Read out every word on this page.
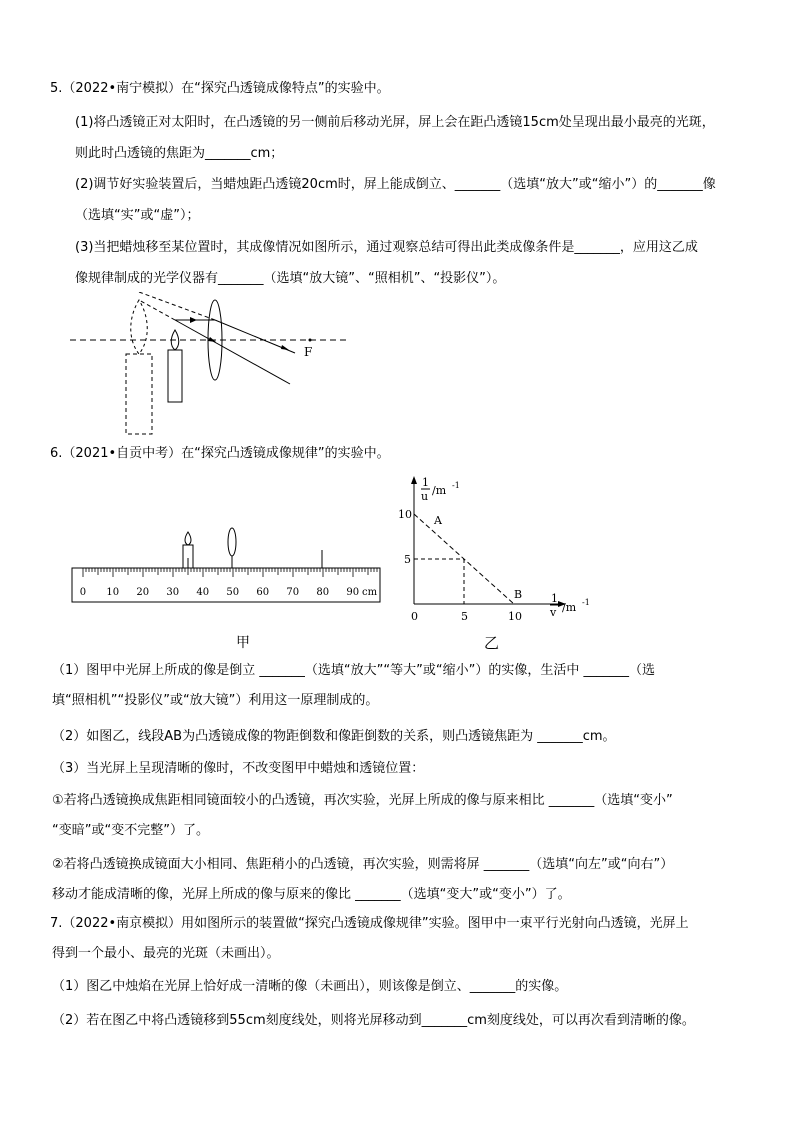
5.（2022•南宁模拟）在“探究凸透镜成像特点”的实验中。
(1)将凸透镜正对太阳时，在凸透镜的另一侧前后移动光屏，屏上会在距凸透镜15cm处呈现出最小最亮的光斑，
则此时凸透镜的焦距为_______cm；
(2)调节好实验装置后，当蜡烛距凸透镜20cm时，屏上能成倒立、_______（选填“放大”或“缩小”）的_______像
（选填“实”或“虚”）；
(3)当把蜡烛移至某位置时，其成像情况如图所示，通过观察总结可得出此类成像条件是_______，应用这乙成
像规律制成的光学仪器有_______（选填“放大镜”、“照相机”、“投影仪”）。
F
6.（2021•自贡中考）在“探究凸透镜成像规律”的实验中。
0 10 20 30 40 50 60 70 80 90 cm
甲
1
u /m -1
1
v /m -1
10
5
0	5	10
A
B
乙
（1）图甲中光屏上所成的像是倒立 _______（选填“放大”“等大”或“缩小”）的实像，生活中 _______（选
填“照相机”“投影仪”或“放大镜”）利用这一原理制成的。
（2）如图乙，线段AB为凸透镜成像的物距倒数和像距倒数的关系，则凸透镜焦距为 _______cm。
（3）当光屏上呈现清晰的像时，不改变图甲中蜡烛和透镜位置：
①若将凸透镜换成焦距相同镜面较小的凸透镜，再次实验，光屏上所成的像与原来相比 _______（选填“变小”
“变暗”或“变不完整”）了。
②若将凸透镜换成镜面大小相同、焦距稍小的凸透镜，再次实验，则需将屏 _______（选填“向左”或“向右”）
移动才能成清晰的像，光屏上所成的像与原来的像比 _______（选填“变大”或“变小”）了。
7.（2022•南京模拟）用如图所示的装置做“探究凸透镜成像规律”实验。图甲中一束平行光射向凸透镜，光屏上
得到一个最小、最亮的光斑（未画出）。
（1）图乙中烛焰在光屏上恰好成一清晰的像（未画出），则该像是倒立、_______的实像。
（2）若在图乙中将凸透镜移到55cm刻度线处，则将光屏移动到_______cm刻度线处，可以再次看到清晰的像。
